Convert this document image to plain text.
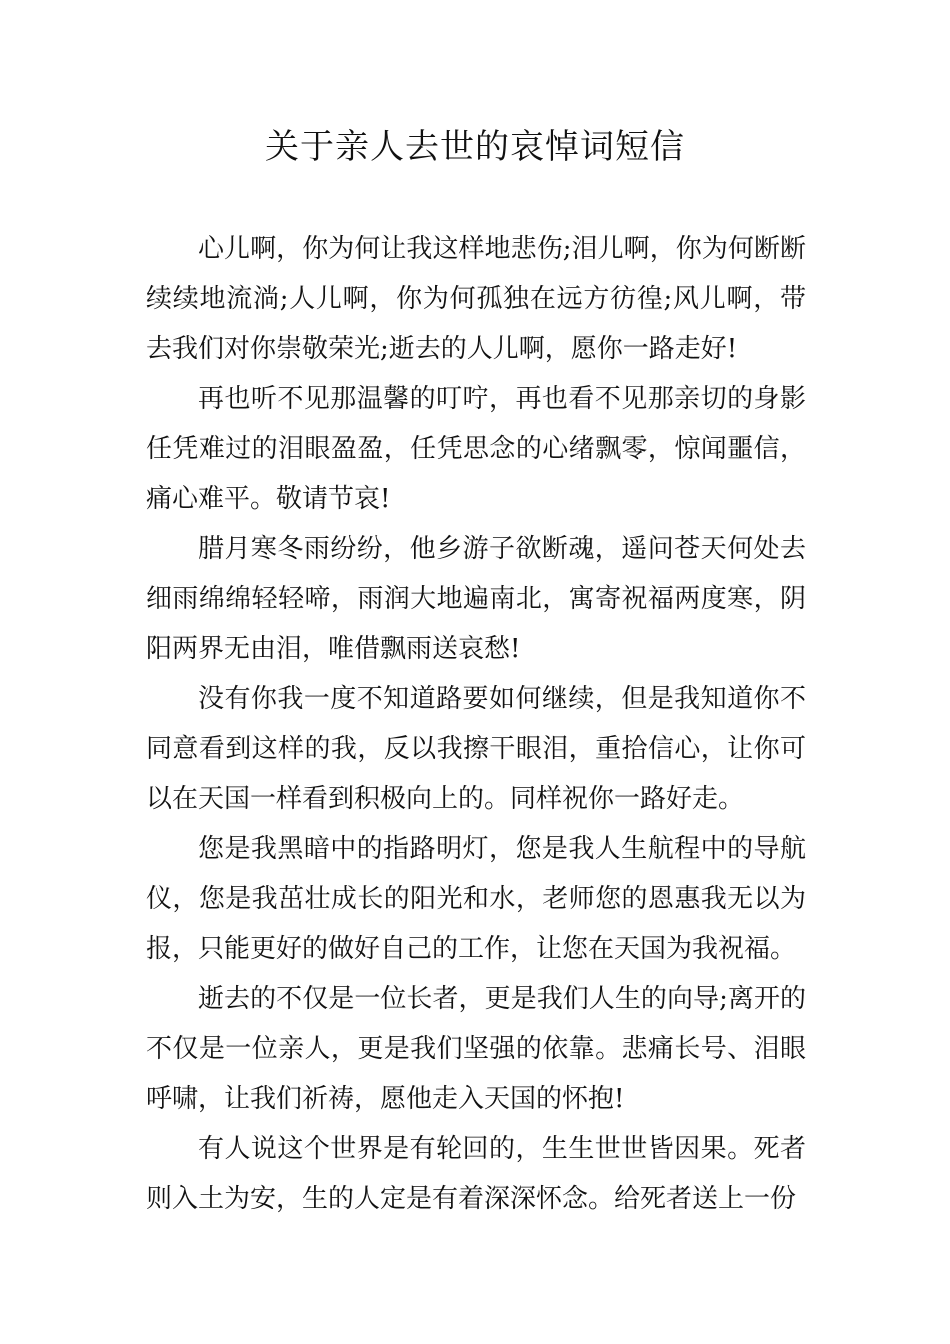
关于亲人去世的哀悼词短信

心儿啊，你为何让我这样地悲伤;泪儿啊，你为何断断续续地流淌;人儿啊，你为何孤独在远方彷徨;风儿啊，带去我们对你崇敬荣光;逝去的人儿啊，愿你一路走好!

再也听不见那温馨的叮咛，再也看不见那亲切的身影任凭难过的泪眼盈盈，任凭思念的心绪飘零，惊闻噩信，痛心难平。敬请节哀!

腊月寒冬雨纷纷，他乡游子欲断魂，遥问苍天何处去细雨绵绵轻轻啼，雨润大地遍南北，寓寄祝福两度寒，阴阳两界无由泪，唯借飘雨送哀愁!

没有你我一度不知道路要如何继续，但是我知道你不同意看到这样的我，反以我擦干眼泪，重拾信心，让你可以在天国一样看到积极向上的。同样祝你一路好走。

您是我黑暗中的指路明灯，您是我人生航程中的导航仪，您是我茁壮成长的阳光和水，老师您的恩惠我无以为报，只能更好的做好自己的工作，让您在天国为我祝福。

逝去的不仅是一位长者，更是我们人生的向导;离开的不仅是一位亲人，更是我们坚强的依靠。悲痛长号、泪眼呼啸，让我们祈祷，愿他走入天国的怀抱!

有人说这个世界是有轮回的，生生世世皆因果。死者则入土为安，生的人定是有着深深怀念。给死者送上一份
